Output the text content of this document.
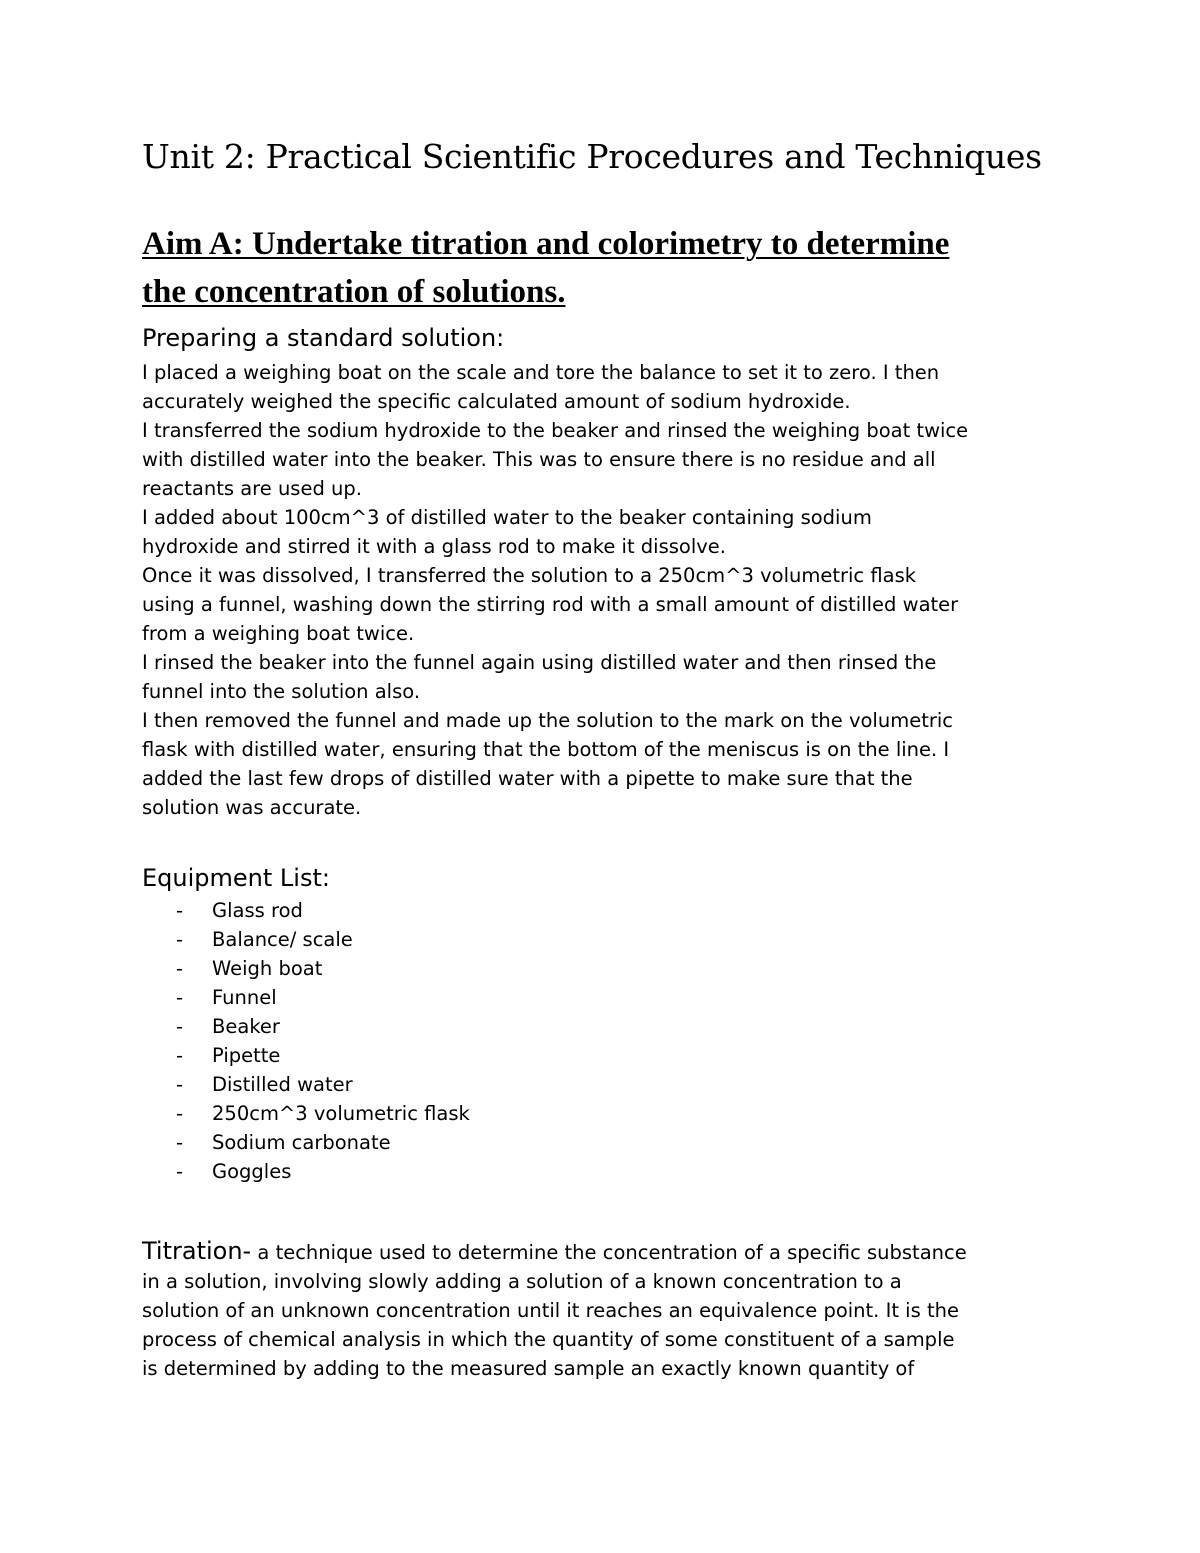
Unit 2: Practical Scientific Procedures and Techniques
Aim A: Undertake titration and colorimetry to determine
the concentration of solutions.
Preparing a standard solution:

I placed a weighing boat on the scale and tore the balance to set it to zero. I then

accurately weighed the specific calculated amount of sodium hydroxide.

I transferred the sodium hydroxide to the beaker and rinsed the weighing boat twice

with distilled water into the beaker. This was to ensure there is no residue and all

reactants are used up.

I added about 100cm^3 of distilled water to the beaker containing sodium

hydroxide and stirred it with a glass rod to make it dissolve.

Once it was dissolved, I transferred the solution to a 250cm^3 volumetric flask

using a funnel, washing down the stirring rod with a small amount of distilled water

from a weighing boat twice.

I rinsed the beaker into the funnel again using distilled water and then rinsed the

funnel into the solution also.

I then removed the funnel and made up the solution to the mark on the volumetric

flask with distilled water, ensuring that the bottom of the meniscus is on the line. I

added the last few drops of distilled water with a pipette to make sure that the

solution was accurate.

Equipment List:
- Glass rod
- Balance/ scale
- Weigh boat
- Funnel
- Beaker
- Pipette
- Distilled water
- 250cm^3 volumetric flask
- Sodium carbonate
- Goggles

Titration- a technique used to determine the concentration of a specific substance

in a solution, involving slowly adding a solution of a known concentration to a

solution of an unknown concentration until it reaches an equivalence point. It is the

process of chemical analysis in which the quantity of some constituent of a sample

is determined by adding to the measured sample an exactly known quantity of
